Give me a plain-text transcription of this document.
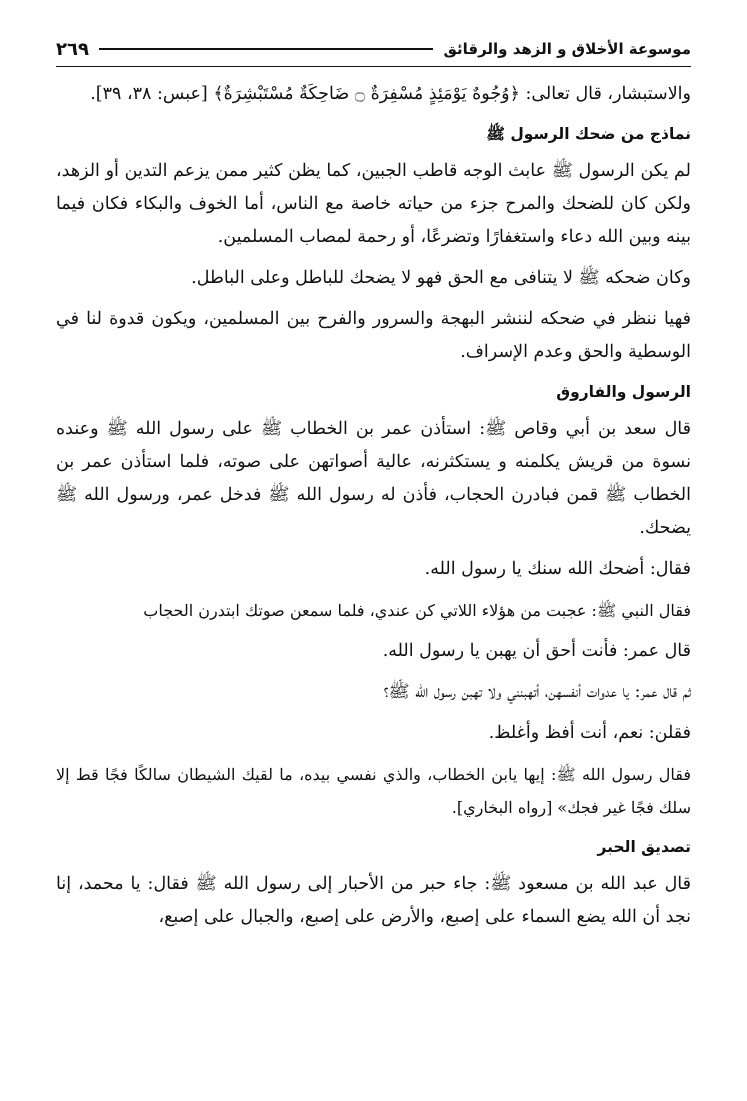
موسوعة الأخلاق و الزهد والرقائق
٢٦٩

والاستبشار، قال تعالى: ﴿وُجُوهٌ يَوْمَئِذٍ مُسْفِرَةٌ ۝ ضَاحِكَةٌ مُسْتَبْشِرَةٌ﴾ [عبس: ٣٨، ٣٩].

نماذج من ضحك الرسول ﷺ

لم يكن الرسول ﷺ عابث الوجه قاطب الجبين، كما يظن كثير ممن يزعم التدين أو الزهد، ولكن كان للضحك والمرح جزء من حياته خاصة مع الناس، أما الخوف والبكاء فكان فيما بينه وبين الله دعاء واستغفارًا وتضرعًا، أو رحمة لمصاب المسلمين.

وكان ضحكه ﷺ لا يتنافى مع الحق فهو لا يضحك للباطل وعلى الباطل.

فهيا ننظر في ضحكه لننشر البهجة والسرور والفرح بين المسلمين، ويكون قدوة لنا في الوسطية والحق وعدم الإسراف.

الرسول والفاروق

قال سعد بن أبي وقاص ﷺ: استأذن عمر بن الخطاب ﷺ على رسول الله ﷺ وعنده نسوة من قريش يكلمنه و يستكثرنه، عالية أصواتهن على صوته، فلما استأذن عمر بن الخطاب ﷺ قمن فبادرن الحجاب، فأذن له رسول الله ﷺ فدخل عمر، ورسول الله ﷺ يضحك.

فقال: أضحك الله سنك يا رسول الله.

فقال النبي ﷺ: عجبت من هؤلاء اللاتي كن عندي، فلما سمعن صوتك ابتدرن الحجاب

قال عمر: فأنت أحق أن يهبن يا رسول الله.

ثم قال عمر: يا عدوات أنفسهن، أتهبنني ولا تهبن رسول الله ﷺ؟

فقلن: نعم، أنت أفظ وأغلظ.

فقال رسول الله ﷺ: إيها يابن الخطاب، والذي نفسي بيده، ما لقيك الشيطان سالكًا فجًا قط إلا سلك فجًا غير فجك» [رواه البخاري].

تصديق الحبر

قال عبد الله بن مسعود ﷺ: جاء حبر من الأحبار إلى رسول الله ﷺ فقال: يا محمد، إنا نجد أن الله يضع السماء على إصبع، والأرض على إصبع، والجبال على إصبع،
